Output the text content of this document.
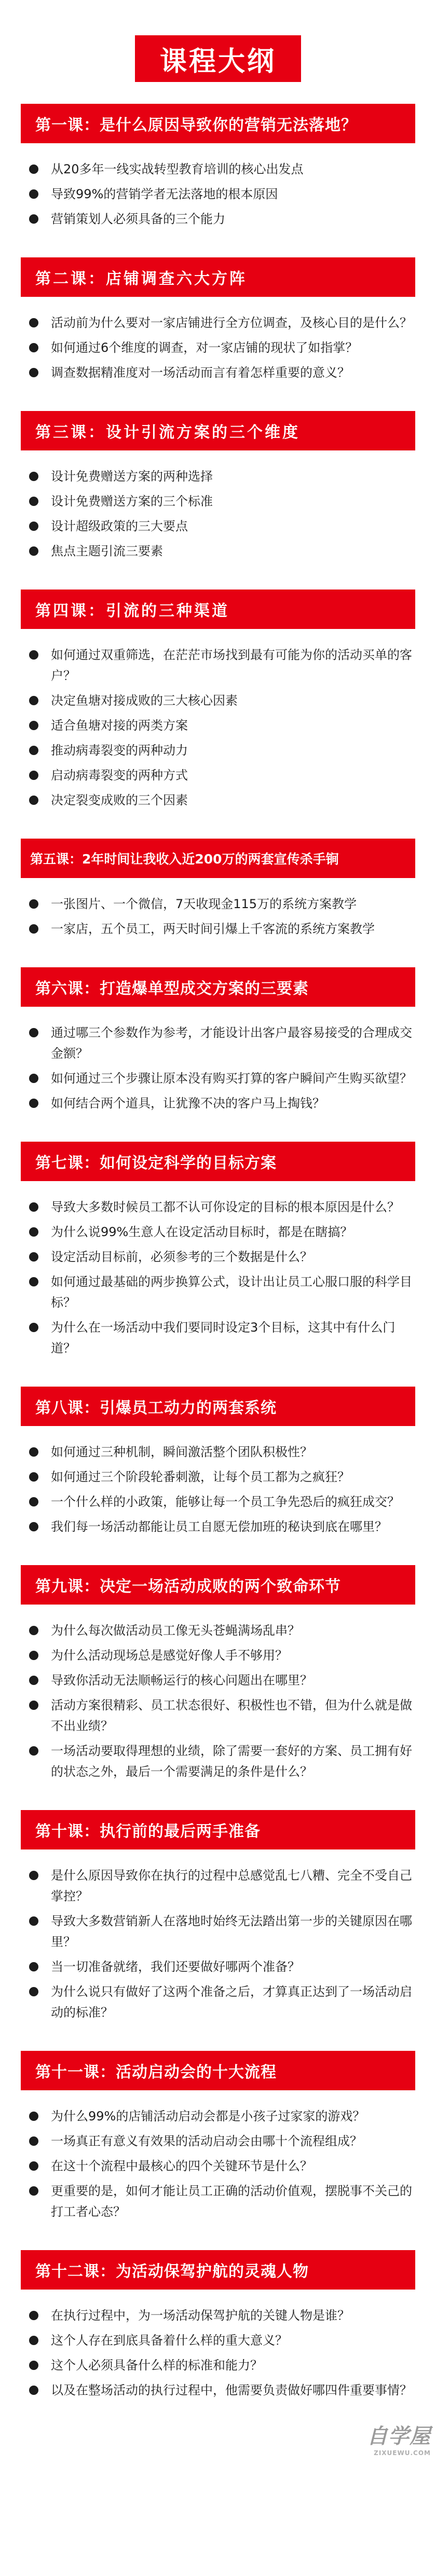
课程大纲
第一课：是什么原因导致你的营销无法落地？
从20多年一线实战转型教育培训的核心出发点
导致99%的营销学者无法落地的根本原因
营销策划人必须具备的三个能力
第二课：店铺调查六大方阵
活动前为什么要对一家店铺进行全方位调查，及核心目的是什么？
如何通过6个维度的调查，对一家店铺的现状了如指掌？
调查数据精准度对一场活动而言有着怎样重要的意义？
第三课：设计引流方案的三个维度
设计免费赠送方案的两种选择
设计免费赠送方案的三个标准
设计超级政策的三大要点
焦点主题引流三要素
第四课：引流的三种渠道
如何通过双重筛选，在茫茫市场找到最有可能为你的活动买单的客户？
决定鱼塘对接成败的三大核心因素
适合鱼塘对接的两类方案
推动病毒裂变的两种动力
启动病毒裂变的两种方式
决定裂变成败的三个因素
第五课：2年时间让我收入近200万的两套宣传杀手锏
一张图片、一个微信，7天收现金115万的系统方案教学
一家店，五个员工，两天时间引爆上千客流的系统方案教学
第六课：打造爆单型成交方案的三要素
通过哪三个参数作为参考，才能设计出客户最容易接受的合理成交金额？
如何通过三个步骤让原本没有购买打算的客户瞬间产生购买欲望？
如何结合两个道具，让犹豫不决的客户马上掏钱？
第七课：如何设定科学的目标方案
导致大多数时候员工都不认可你设定的目标的根本原因是什么？
为什么说99%生意人在设定活动目标时，都是在瞎搞？
设定活动目标前，必须参考的三个数据是什么？
如何通过最基础的两步换算公式，设计出让员工心服口服的科学目标？
为什么在一场活动中我们要同时设定3个目标，这其中有什么门道？
第八课：引爆员工动力的两套系统
如何通过三种机制，瞬间激活整个团队积极性？
如何通过三个阶段轮番刺激，让每个员工都为之疯狂？
一个什么样的小政策，能够让每一个员工争先恐后的疯狂成交？
我们每一场活动都能让员工自愿无偿加班的秘诀到底在哪里？
第九课：决定一场活动成败的两个致命环节
为什么每次做活动员工像无头苍蝇满场乱串？
为什么活动现场总是感觉好像人手不够用？
导致你活动无法顺畅运行的核心问题出在哪里？
活动方案很精彩、员工状态很好、积极性也不错，但为什么就是做不出业绩？
一场活动要取得理想的业绩，除了需要一套好的方案、员工拥有好的状态之外，最后一个需要满足的条件是什么？
第十课：执行前的最后两手准备
是什么原因导致你在执行的过程中总感觉乱七八糟、完全不受自己掌控？
导致大多数营销新人在落地时始终无法踏出第一步的关键原因在哪里？
当一切准备就绪，我们还要做好哪两个准备？
为什么说只有做好了这两个准备之后，才算真正达到了一场活动启动的标准？
第十一课：活动启动会的十大流程
为什么99%的店铺活动启动会都是小孩子过家家的游戏？
一场真正有意义有效果的活动启动会由哪十个流程组成？
在这十个流程中最核心的四个关键环节是什么？
更重要的是，如何才能让员工正确的活动价值观，摆脱事不关己的打工者心态？
第十二课：为活动保驾护航的灵魂人物
在执行过程中，为一场活动保驾护航的关键人物是谁？
这个人存在到底具备着什么样的重大意义？
这个人必须具备什么样的标准和能力？
以及在整场活动的执行过程中，他需要负责做好哪四件重要事情？
自学屋
ZIXUEWU.COM
